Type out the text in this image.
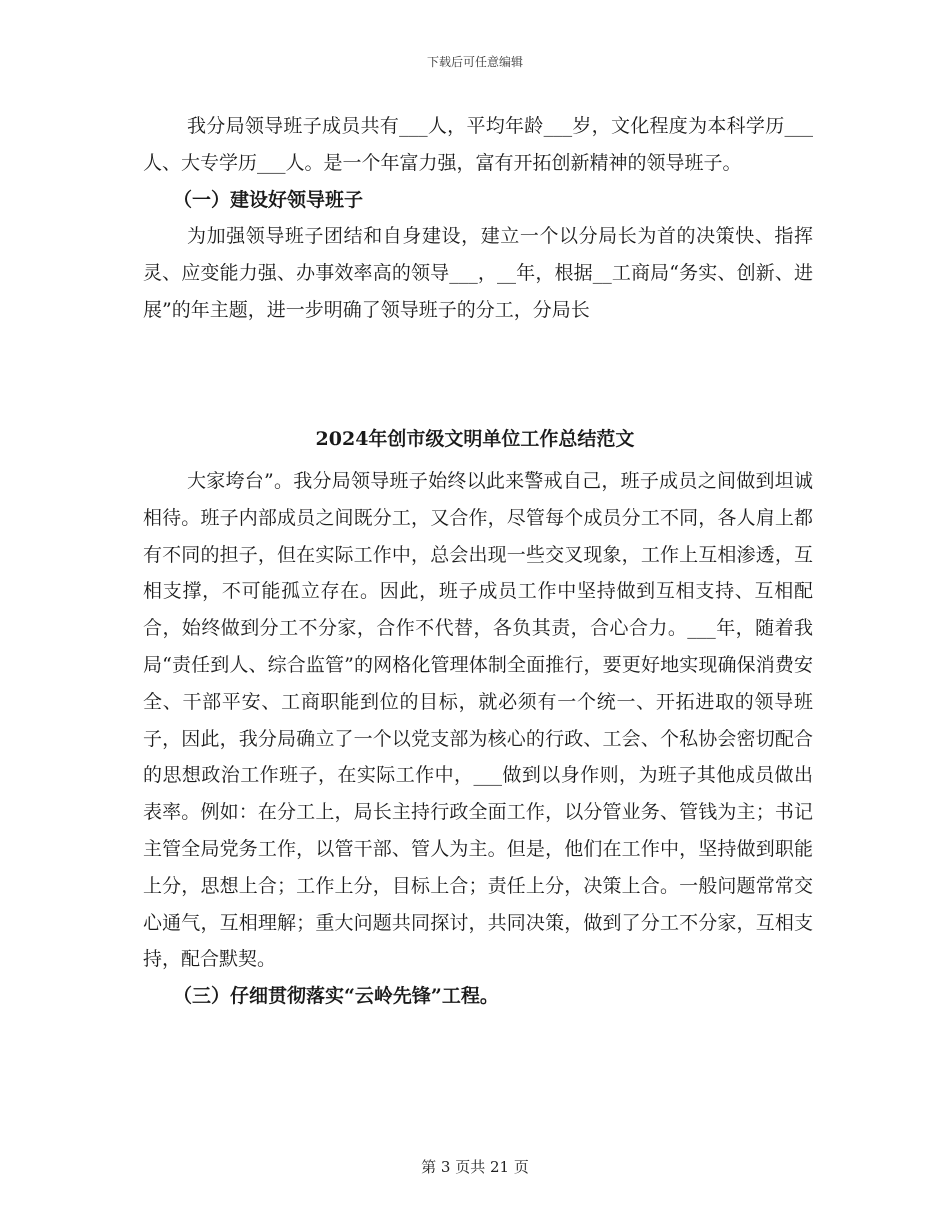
下载后可任意编辑

我分局领导班子成员共有___人，平均年龄___岁，文化程度为本科学历___人、大专学历___人。是一个年富力强，富有开拓创新精神的领导班子。

（一）建设好领导班子

为加强领导班子团结和自身建设，建立一个以分局长为首的决策快、指挥灵、应变能力强、办事效率高的领导___，__年，根据__工商局“务实、创新、进展”的年主题，进一步明确了领导班子的分工，分局长

2024年创市级文明单位工作总结范文

大家垮台”。我分局领导班子始终以此来警戒自己，班子成员之间做到坦诚相待。班子内部成员之间既分工，又合作，尽管每个成员分工不同，各人肩上都有不同的担子，但在实际工作中，总会出现一些交叉现象，工作上互相渗透，互相支撑，不可能孤立存在。因此，班子成员工作中坚持做到互相支持、互相配合，始终做到分工不分家，合作不代替，各负其责，合心合力。___年，随着我局“责任到人、综合监管”的网格化管理体制全面推行，要更好地实现确保消费安全、干部平安、工商职能到位的目标，就必须有一个统一、开拓进取的领导班子，因此，我分局确立了一个以党支部为核心的行政、工会、个私协会密切配合的思想政治工作班子，在实际工作中，___做到以身作则，为班子其他成员做出表率。例如：在分工上，局长主持行政全面工作，以分管业务、管钱为主；书记主管全局党务工作，以管干部、管人为主。但是，他们在工作中，坚持做到职能上分，思想上合；工作上分，目标上合；责任上分，决策上合。一般问题常常交心通气，互相理解；重大问题共同探讨，共同决策，做到了分工不分家，互相支持，配合默契。

（三）仔细贯彻落实“云岭先锋”工程。

第 3 页共 21 页
